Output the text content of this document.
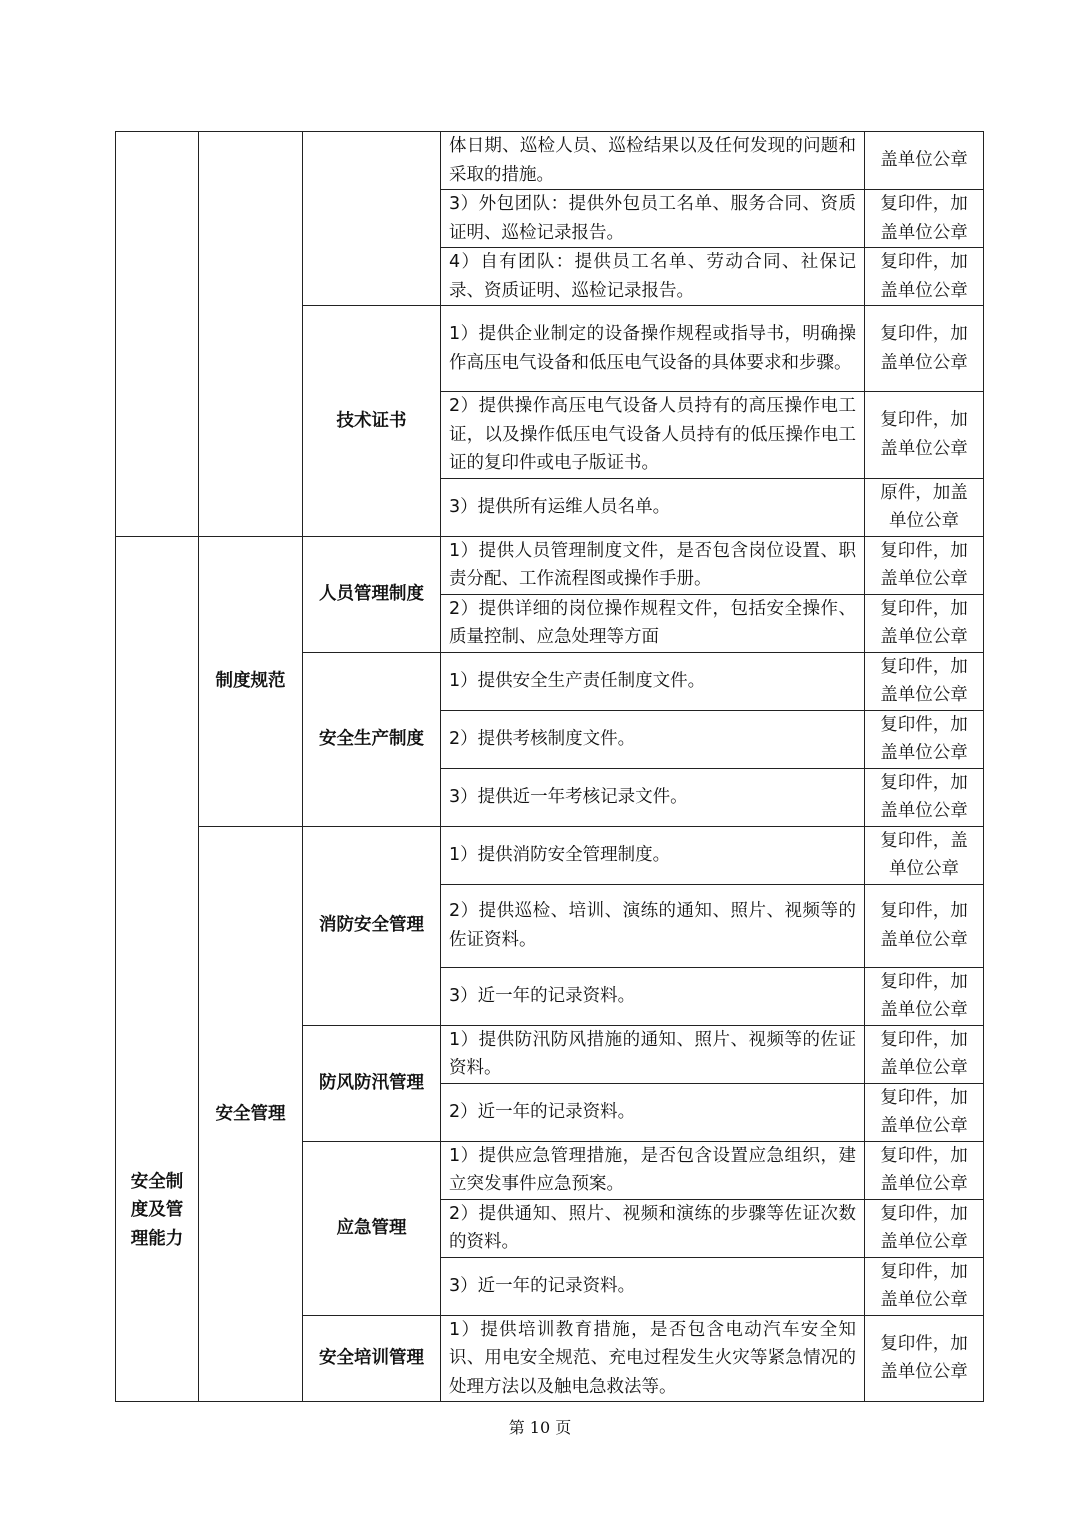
			体日期、巡检人员、巡检结果以及任何发现的问题和采取的措施。	盖单位公章
			3）外包团队：提供外包员工名单、服务合同、资质证明、巡检记录报告。	复印件，加盖单位公章
			4）自有团队：提供员工名单、劳动合同、社保记录、资质证明、巡检记录报告。	复印件，加盖单位公章
		技术证书	1）提供企业制定的设备操作规程或指导书，明确操作高压电气设备和低压电气设备的具体要求和步骤。	复印件，加盖单位公章
			2）提供操作高压电气设备人员持有的高压操作电工证，以及操作低压电气设备人员持有的低压操作电工证的复印件或电子版证书。	复印件，加盖单位公章
			3）提供所有运维人员名单。	原件，加盖单位公章
安全制度及管理能力	制度规范	人员管理制度	1）提供人员管理制度文件，是否包含岗位设置、职责分配、工作流程图或操作手册。	复印件，加盖单位公章
			2）提供详细的岗位操作规程文件，包括安全操作、质量控制、应急处理等方面	复印件，加盖单位公章
		安全生产制度	1）提供安全生产责任制度文件。	复印件，加盖单位公章
			2）提供考核制度文件。	复印件，加盖单位公章
			3）提供近一年考核记录文件。	复印件，加盖单位公章
	安全管理	消防安全管理	1）提供消防安全管理制度。	复印件，盖单位公章
			2）提供巡检、培训、演练的通知、照片、视频等的佐证资料。	复印件，加盖单位公章
			3）近一年的记录资料。	复印件，加盖单位公章
		防风防汛管理	1）提供防汛防风措施的通知、照片、视频等的佐证资料。	复印件，加盖单位公章
			2）近一年的记录资料。	复印件，加盖单位公章
		应急管理	1）提供应急管理措施，是否包含设置应急组织，建立突发事件应急预案。	复印件，加盖单位公章
			2）提供通知、照片、视频和演练的步骤等佐证次数的资料。	复印件，加盖单位公章
			3）近一年的记录资料。	复印件，加盖单位公章
		安全培训管理	1）提供培训教育措施，是否包含电动汽车安全知识、用电安全规范、充电过程发生火灾等紧急情况的处理方法以及触电急救法等。	复印件，加盖单位公章
第 10 页
